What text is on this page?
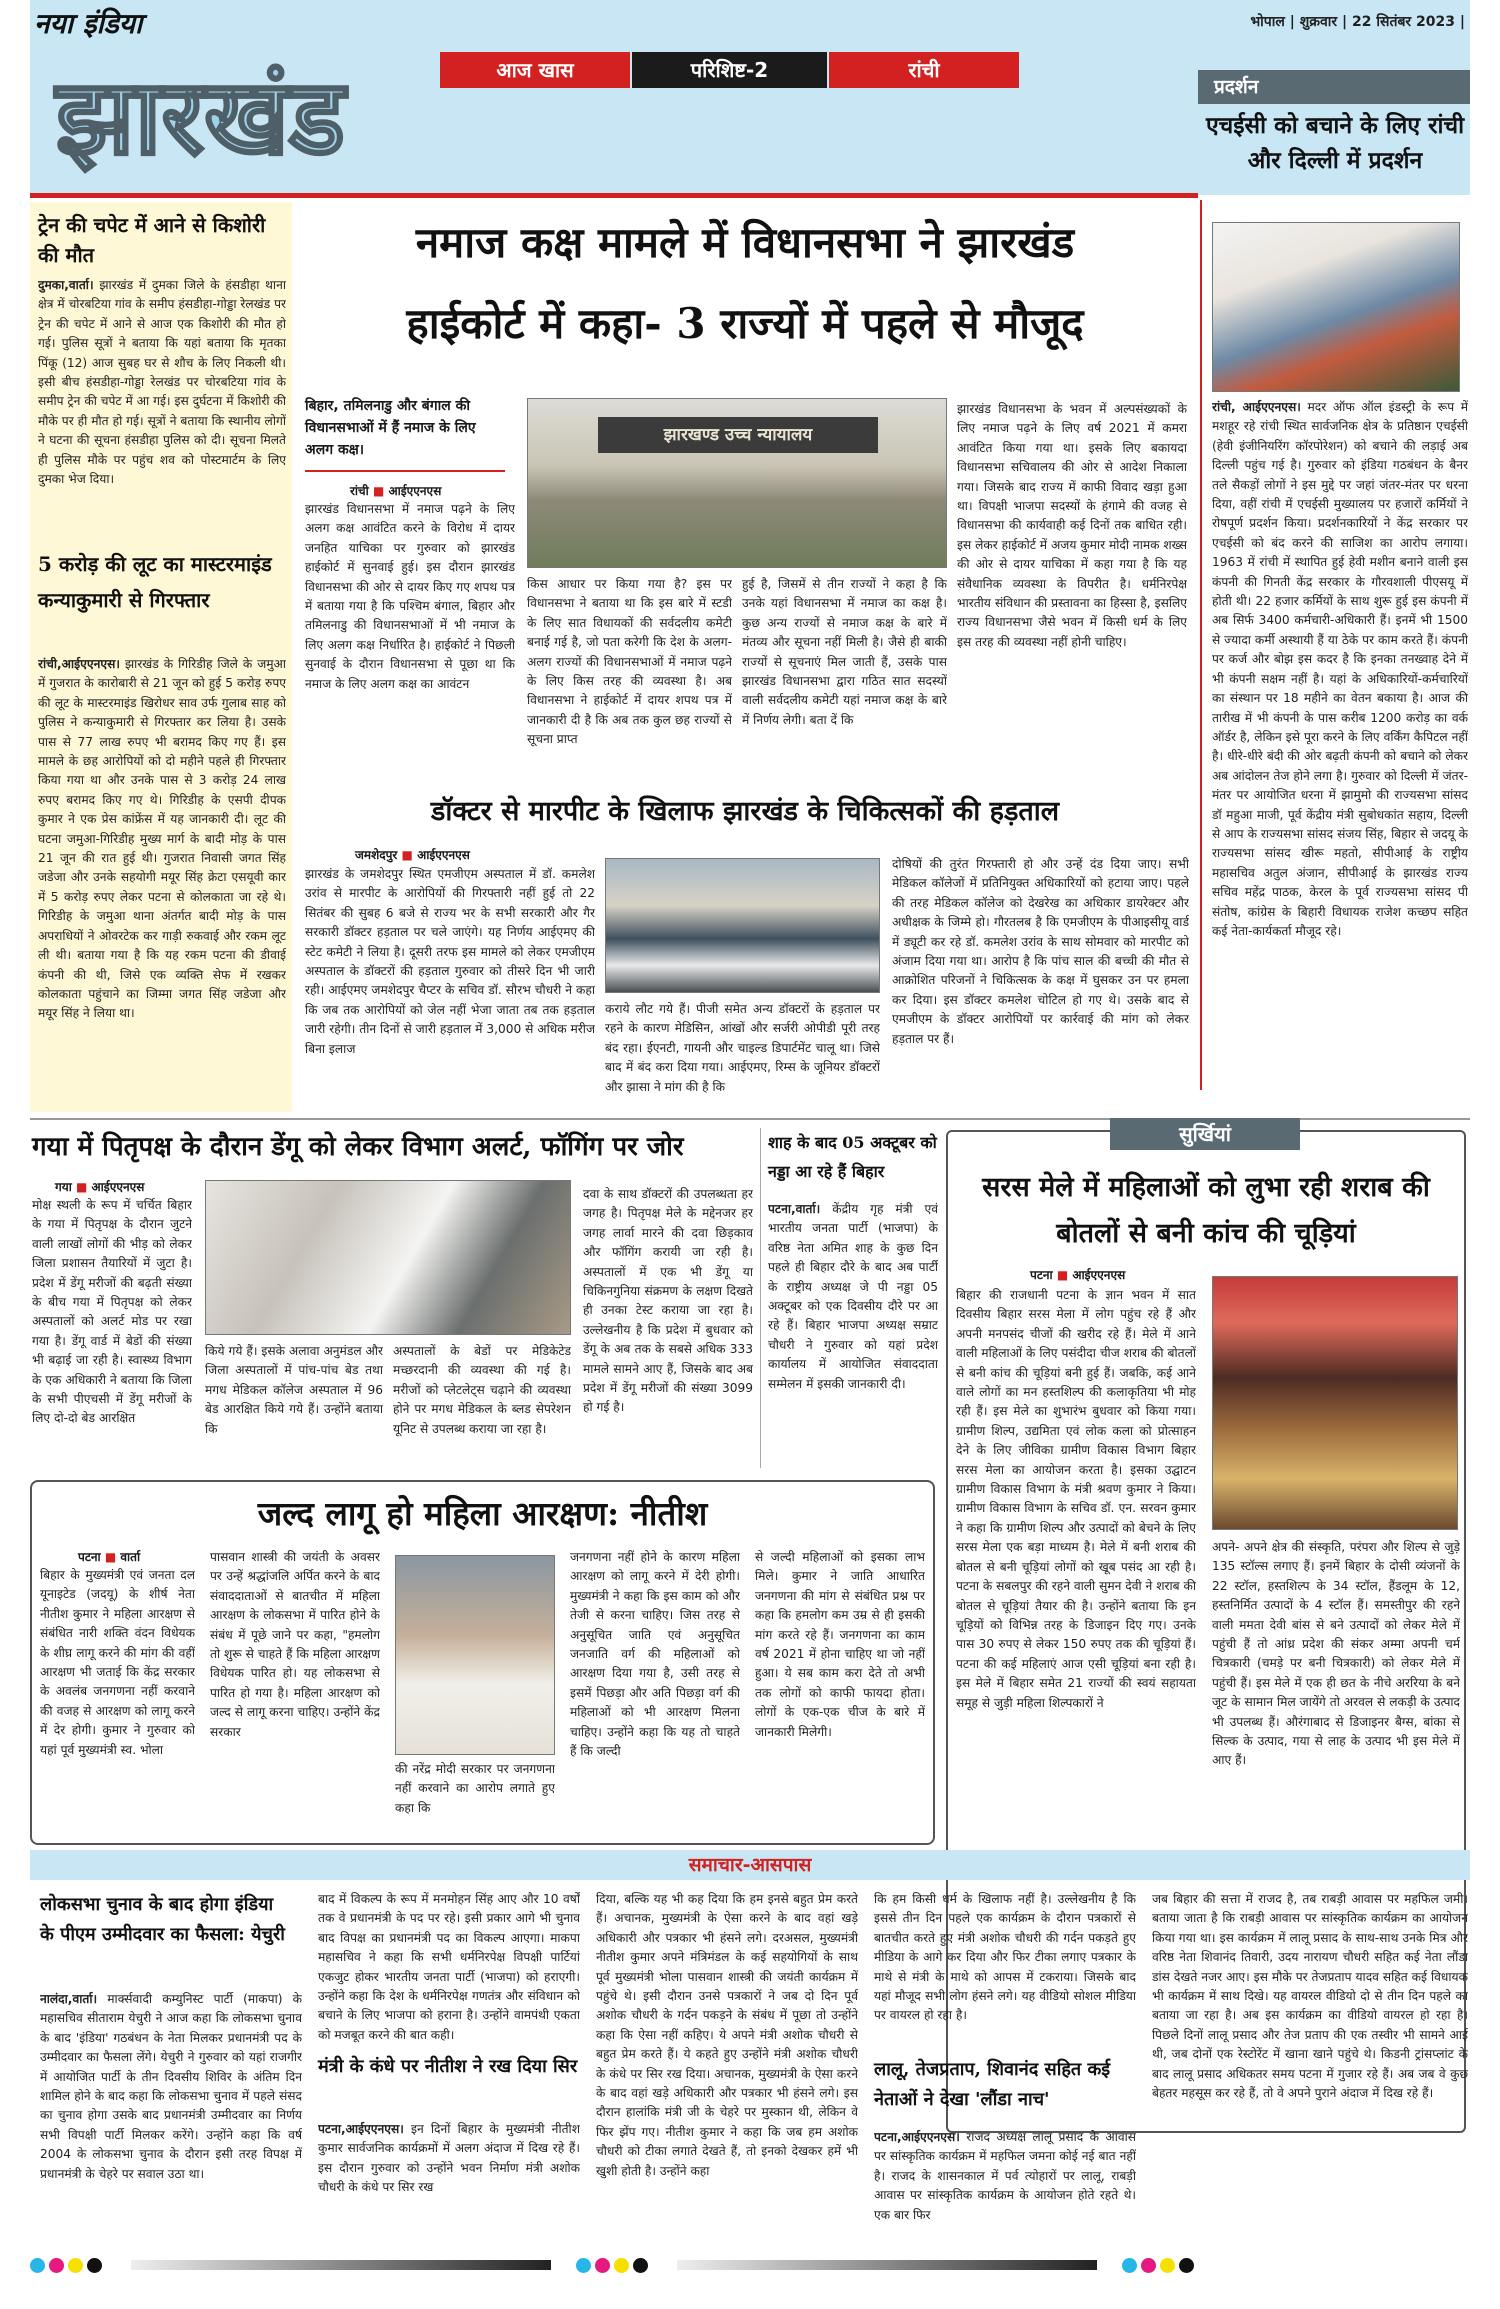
नया इंडिया
झारखंड	आज खास	परिशिष्ट-2	रांची
भोपाल | शुक्रवार | 22 सितंबर 2023 |
प्रदर्शन
एचईसी को बचाने के लिए रांची और दिल्ली में प्रदर्शन
रांची, आईएएनएस। मदर ऑफ ऑल इंडस्ट्री के रूप में मशहूर रहे रांची स्थित सार्वजनिक क्षेत्र के प्रतिष्ठान एचईसी (हेवी इंजीनियरिंग कॉरपोरेशन) को बचाने की लड़ाई अब दिल्ली पहुंच गई है। गुरुवार को इंडिया गठबंधन के बैनर तले सैकड़ों लोगों ने इस मुद्दे पर जहां जंतर-मंतर पर धरना दिया, वहीं रांची में एचईसी मुख्यालय पर हजारों कर्मियों ने रोषपूर्ण प्रदर्शन किया। प्रदर्शनकारियों ने केंद्र सरकार पर एचईसी को बंद करने की साजिश का आरोप लगाया। 1963 में रांची में स्थापित हुई हेवी मशीन बनाने वाली इस कंपनी की गिनती केंद्र सरकार के गौरवशाली पीएसयू में होती थी। 22 हजार कर्मियों के साथ शुरू हुई इस कंपनी में अब सिर्फ 3400 कर्मचारी-अधिकारी हैं। इनमें भी 1500 से ज्यादा कर्मी अस्थायी हैं या ठेके पर काम करते हैं। कंपनी पर कर्ज और बोझ इस कदर है कि इनका तनख्वाह देने में भी कंपनी सक्षम नहीं है। यहां के अधिकारियों-कर्मचारियों का संस्थान पर 18 महीने का वेतन बकाया है। आज की तारीख में भी कंपनी के पास करीब 1200 करोड़ का वर्क ऑर्डर है, लेकिन इसे पूरा करने के लिए वर्किंग कैपिटल नहीं है। धीरे-धीरे बंदी की ओर बढ़ती कंपनी को बचाने को लेकर अब आंदोलन तेज होने लगा है। गुरुवार को दिल्ली में जंतर-मंतर पर आयोजित धरना में झामुमो की राज्यसभा सांसद डॉ महुआ माजी, पूर्व केंद्रीय मंत्री सुबोधकांत सहाय, दिल्ली से आप के राज्यसभा सांसद संजय सिंह, बिहार से जदयू के राज्यसभा सांसद खीरू महतो, सीपीआई के राष्ट्रीय महासचिव अतुल अंजान, सीपीआई के झारखंड राज्य सचिव महेंद्र पाठक, केरल के पूर्व राज्यसभा सांसद पी संतोष, कांग्रेस के बिहारी विधायक राजेश कच्छप सहित कई नेता-कार्यकर्ता मौजूद रहे।
ट्रेन की चपेट में आने से किशोरी की मौत
दुमका,वार्ता। झारखंड में दुमका जिले के हंसडीहा थाना क्षेत्र में चोरबटिया गांव के समीप हंसडीहा-गोड्डा रेलखंड पर ट्रेन की चपेट में आने से आज एक किशोरी की मौत हो गई। पुलिस सूत्रों ने बताया कि यहां बताया कि मृतका पिंकू (12) आज सुबह घर से शौच के लिए निकली थी। इसी बीच हंसडीहा-गोड्डा रेलखंड पर चोरबटिया गांव के समीप ट्रेन की चपेट में आ गई। इस दुर्घटना में किशोरी की मौके पर ही मौत हो गई। सूत्रों ने बताया कि स्थानीय लोगों ने घटना की सूचना हंसडीहा पुलिस को दी। सूचना मिलते ही पुलिस मौके पर पहुंच शव को पोस्टमार्टम के लिए दुमका भेज दिया।
5 करोड़ की लूट का मास्टरमाइंड कन्याकुमारी से गिरफ्तार
रांची,आईएएनएस। झारखंड के गिरिडीह जिले के जमुआ में गुजरात के कारोबारी से 21 जून को हुई 5 करोड़ रुपए की लूट के मास्टरमाइंड खिरोधर साव उर्फ गुलाब साह को पुलिस ने कन्याकुमारी से गिरफ्तार कर लिया है। उसके पास से 77 लाख रुपए भी बरामद किए गए हैं। इस मामले के छह आरोपियों को दो महीने पहले ही गिरफ्तार किया गया था और उनके पास से 3 करोड़ 24 लाख रुपए बरामद किए गए थे। गिरिडीह के एसपी दीपक कुमार ने एक प्रेस कांफ्रेंस में यह जानकारी दी। लूट की घटना जमुआ-गिरिडीह मुख्य मार्ग के बादी मोड़ के पास 21 जून की रात हुई थी। गुजरात निवासी जगत सिंह जडेजा और उनके सहयोगी मयूर सिंह क्रेटा एसयूवी कार में 5 करोड़ रुपए लेकर पटना से कोलकाता जा रहे थे। गिरिडीह के जमुआ थाना अंतर्गत बादी मोड़ के पास अपराधियों ने ओवरटेक कर गाड़ी रुकवाई और रकम लूट ली थी। बताया गया है कि यह रकम पटना की डीवाई कंपनी की थी, जिसे एक व्यक्ति सेफ में रखकर कोलकाता पहुंचाने का जिम्मा जगत सिंह जडेजा और मयूर सिंह ने लिया था।
नमाज कक्ष मामले में विधानसभा ने झारखंड
हाईकोर्ट में कहा- 3 राज्यों में पहले से मौजूद
बिहार, तमिलनाडु और बंगाल की विधानसभाओं में हैं नमाज के लिए अलग कक्ष।
रांची ■ आईएएनएस
झारखंड विधानसभा में नमाज पढ़ने के लिए अलग कक्ष आवंटित करने के विरोध में दायर जनहित याचिका पर गुरुवार को झारखंड हाईकोर्ट में सुनवाई हुई। इस दौरान झारखंड विधानसभा की ओर से दायर किए गए शपथ पत्र में बताया गया है कि पश्चिम बंगाल, बिहार और तमिलनाडु की विधानसभाओं में भी नमाज के लिए अलग कक्ष निर्धारित है। हाईकोर्ट ने पिछली सुनवाई के दौरान विधानसभा से पूछा था कि नमाज के लिए अलग कक्ष का आवंटन
झारखण्ड उच्च न्यायालय
किस आधार पर किया गया है? इस पर विधानसभा ने बताया था कि इस बारे में स्टडी के लिए सात विधायकों की सर्वदलीय कमेटी बनाई गई है, जो पता करेगी कि देश के अलग-अलग राज्यों की विधानसभाओं में नमाज पढ़ने के लिए किस तरह की व्यवस्था है। अब विधानसभा ने हाईकोर्ट में दायर शपथ पत्र में जानकारी दी है कि अब तक कुल छह राज्यों से सूचना प्राप्त
हुई है, जिसमें से तीन राज्यों ने कहा है कि उनके यहां विधानसभा में नमाज का कक्ष है। कुछ अन्य राज्यों से नमाज कक्ष के बारे में मंतव्य और सूचना नहीं मिली है। जैसे ही बाकी राज्यों से सूचनाएं मिल जाती हैं, उसके पास झारखंड विधानसभा द्वारा गठित सात सदस्यों वाली सर्वदलीय कमेटी यहां नमाज कक्ष के बारे में निर्णय लेगी। बता दें कि
झारखंड विधानसभा के भवन में अल्पसंख्यकों के लिए नमाज पढ़ने के लिए वर्ष 2021 में कमरा आवंटित किया गया था। इसके लिए बकायदा विधानसभा सचिवालय की ओर से आदेश निकाला गया। जिसके बाद राज्य में काफी विवाद खड़ा हुआ था। विपक्षी भाजपा सदस्यों के हंगामे की वजह से विधानसभा की कार्यवाही कई दिनों तक बाधित रही। इस लेकर हाईकोर्ट में अजय कुमार मोदी नामक शख्स की ओर से दायर याचिका में कहा गया है कि यह संवैधानिक व्यवस्था के विपरीत है। धर्मनिरपेक्ष भारतीय संविधान की प्रस्तावना का हिस्सा है, इसलिए राज्य विधानसभा जैसे भवन में किसी धर्म के लिए इस तरह की व्यवस्था नहीं होनी चाहिए।
डॉक्टर से मारपीट के खिलाफ झारखंड के चिकित्सकों की हड़ताल
जमशेदपुर ■ आईएएनएस
झारखंड के जमशेदपुर स्थित एमजीएम अस्पताल में डॉ. कमलेश उरांव से मारपीट के आरोपियों की गिरफ्तारी नहीं हुई तो 22 सितंबर की सुबह 6 बजे से राज्य भर के सभी सरकारी और गैर सरकारी डॉक्टर हड़ताल पर चले जाएंगे। यह निर्णय आईएमए की स्टेट कमेटी ने लिया है। दूसरी तरफ इस मामले को लेकर एमजीएम अस्पताल के डॉक्टरों की हड़ताल गुरुवार को तीसरे दिन भी जारी रही। आईएमए जमशेदपुर चैप्टर के सचिव डॉ. सौरभ चौधरी ने कहा कि जब तक आरोपियों को जेल नहीं भेजा जाता तब तक हड़ताल जारी रहेगी। तीन दिनों से जारी हड़ताल में 3,000 से अधिक मरीज बिना इलाज
कराये लौट गये हैं। पीजी समेत अन्य डॉक्टरों के हड़ताल पर रहने के कारण मेडिसिन, आंखों और सर्जरी ओपीडी पूरी तरह बंद रहा। ईएनटी, गायनी और चाइल्ड डिपार्टमेंट चालू था। जिसे बाद में बंद करा दिया गया। आईएमए, रिम्स के जूनियर डॉक्टरों और झासा ने मांग की है कि
दोषियों की तुरंत गिरफ्तारी हो और उन्हें दंड दिया जाए। सभी मेडिकल कॉलेजों में प्रतिनियुक्त अधिकारियों को हटाया जाए। पहले की तरह मेडिकल कॉलेज को देखरेख का अधिकार डायरेक्टर और अधीक्षक के जिम्मे हो। गौरतलब है कि एमजीएम के पीआइसीयू वार्ड में ड्यूटी कर रहे डॉ. कमलेश उरांव के साथ सोमवार को मारपीट को अंजाम दिया गया था। आरोप है कि पांच साल की बच्ची की मौत से आक्रोशित परिजनों ने चिकित्सक के कक्ष में घुसकर उन पर हमला कर दिया। इस डॉक्टर कमलेश चोटिल हो गए थे। उसके बाद से एमजीएम के डॉक्टर आरोपियों पर कार्रवाई की मांग को लेकर हड़ताल पर हैं।
गया में पितृपक्ष के दौरान डेंगू को लेकर विभाग अलर्ट, फॉगिंग पर जोर
गया ■ आईएएनएस
मोक्ष स्थली के रूप में चर्चित बिहार के गया में पितृपक्ष के दौरान जुटने वाली लाखों लोगों की भीड़ को लेकर जिला प्रशासन तैयारियों में जुटा है। प्रदेश में डेंगू मरीजों की बढ़ती संख्या के बीच गया में पितृपक्ष को लेकर अस्पतालों को अलर्ट मोड पर रखा गया है। डेंगू वार्ड में बेडों की संख्या भी बढ़ाई जा रही है। स्वास्थ्य विभाग के एक अधिकारी ने बताया कि जिला के सभी पीएचसी में डेंगू मरीजों के लिए दो-दो बेड आरक्षित
किये गये हैं। इसके अलावा अनुमंडल और जिला अस्पतालों में पांच-पांच बेड तथा मगध मेडिकल कॉलेज अस्पताल में 96 बेड आरक्षित किये गये हैं। उन्होंने बताया कि
अस्पतालों के बेडों पर मेडिकेटेड मच्छरदानी की व्यवस्था की गई है। मरीजों को प्लेटलेट्स चढ़ाने की व्यवस्था होने पर मगध मेडिकल के ब्लड सेपरेशन यूनिट से उपलब्ध कराया जा रहा है।
दवा के साथ डॉक्टरों की उपलब्धता हर जगह है। पितृपक्ष मेले के मद्देनजर हर जगह लार्वा मारने की दवा छिड़काव और फॉगिंग करायी जा रही है। अस्पतालों में एक भी डेंगू या चिकिनगुनिया संक्रमण के लक्षण दिखते ही उनका टेस्ट कराया जा रहा है। उल्लेखनीय है कि प्रदेश में बुधवार को डेंगू के अब तक के सबसे अधिक 333 मामले सामने आए हैं, जिसके बाद अब प्रदेश में डेंगू मरीजों की संख्या 3099 हो गई है।
शाह के बाद 05 अक्टूबर को नड्डा आ रहे हैं बिहार
पटना,वार्ता। केंद्रीय गृह मंत्री एवं भारतीय जनता पार्टी (भाजपा) के वरिष्ठ नेता अमित शाह के कुछ दिन पहले ही बिहार दौरे के बाद अब पार्टी के राष्ट्रीय अध्यक्ष जे पी नड्डा 05 अक्टूबर को एक दिवसीय दौरे पर आ रहे हैं। बिहार भाजपा अध्यक्ष सम्राट चौधरी ने गुरुवार को यहां प्रदेश कार्यालय में आयोजित संवाददाता सम्मेलन में इसकी जानकारी दी।
सुर्खियां
सरस मेले में महिलाओं को लुभा रही शराब की बोतलों से बनी कांच की चूड़ियां
पटना ■ आईएएनएस
बिहार की राजधानी पटना के ज्ञान भवन में सात दिवसीय बिहार सरस मेला में लोग पहुंच रहे हैं और अपनी मनपसंद चीजों की खरीद रहे हैं। मेले में आने वाली महिलाओं के लिए पसंदीदा चीज शराब की बोतलों से बनी कांच की चूड़ियां बनी हुई हैं। जबकि, कई आने वाले लोगों का मन हस्तशिल्प की कलाकृतिया भी मोह रही हैं। इस मेले का शुभारंभ बुधवार को किया गया। ग्रामीण शिल्प, उद्यमिता एवं लोक कला को प्रोत्साहन देने के लिए जीविका ग्रामीण विकास विभाग बिहार सरस मेला का आयोजन करता है। इसका उद्घाटन ग्रामीण विकास विभाग के मंत्री श्रवण कुमार ने किया। ग्रामीण विकास विभाग के सचिव डॉ. एन. सरवन कुमार ने कहा कि ग्रामीण शिल्प और उत्पादों को बेचने के लिए सरस मेला एक बड़ा माध्यम है। मेले में बनी शराब की बोतल से बनी चूड़ियां लोगों को खूब पसंद आ रही है। पटना के सबलपुर की रहने वाली सुमन देवी ने शराब की बोतल से चूड़ियां तैयार की है। उन्होंने बताया कि इन चूड़ियों को विभिन्न तरह के डिजाइन दिए गए। उनके पास 30 रुपए से लेकर 150 रुपए तक की चूड़ियां हैं। पटना की कई महिलाएं आज एसी चूड़ियां बना रही है। इस मेले में बिहार समेत 21 राज्यों की स्वयं सहायता समूह से जुड़ी महिला शिल्पकारों ने
अपने- अपने क्षेत्र की संस्कृति, परंपरा और शिल्प से जुड़े 135 स्टॉल्स लगाए हैं। इनमें बिहार के दोसी व्यंजनों के 22 स्टॉल, हस्तशिल्प के 34 स्टॉल, हैंडलूम के 12, हस्तनिर्मित उत्पादों के 4 स्टॉल हैं। समस्तीपुर की रहने वाली ममता देवी बांस से बने उत्पादों को लेकर मेले में पहुंची हैं तो आंध्र प्रदेश की संकर अम्मा अपनी चर्म चित्रकारी (चमड़े पर बनी चित्रकारी) को लेकर मेले में पहुंची हैं। इस मेले में एक ही छत के नीचे अररिया के बने जूट के सामान मिल जायेंगे तो अरवल से लकड़ी के उत्पाद भी उपलब्ध हैं। औरंगाबाद से डिजाइनर बैग्स, बांका से सिल्क के उत्पाद, गया से लाह के उत्पाद भी इस मेले में आए हैं।
जल्द लागू हो महिला आरक्षण: नीतीश
पटना ■ वार्ता
बिहार के मुख्यमंत्री एवं जनता दल यूनाइटेड (जदयू) के शीर्ष नेता नीतीश कुमार ने महिला आरक्षण से संबंधित नारी शक्ति वंदन विधेयक के शीघ्र लागू करने की मांग की वहीं आरक्षण भी जताई कि केंद्र सरकार के अवलंब जनगणना नहीं करवाने की वजह से आरक्षण को लागू करने में देर होगी। कुमार ने गुरुवार को यहां पूर्व मुख्यमंत्री स्व. भोला
पासवान शास्त्री की जयंती के अवसर पर उन्हें श्रद्धांजलि अर्पित करने के बाद संवाददाताओं से बातचीत में महिला आरक्षण के लोकसभा में पारित होने के संबंध में पूछे जाने पर कहा, "हमलोग तो शुरू से चाहते हैं कि महिला आरक्षण विधेयक पारित हो। यह लोकसभा से पारित हो गया है। महिला आरक्षण को जल्द से लागू करना चाहिए। उन्होंने केंद्र सरकार
की नरेंद्र मोदी सरकार पर जनगणना नहीं करवाने का आरोप लगाते हुए कहा कि
जनगणना नहीं होने के कारण महिला आरक्षण को लागू करने में देरी होगी। मुख्यमंत्री ने कहा कि इस काम को और तेजी से करना चाहिए। जिस तरह से अनुसूचित जाति एवं अनुसूचित जनजाति वर्ग की महिलाओं को आरक्षण दिया गया है, उसी तरह से इसमें पिछड़ा और अति पिछड़ा वर्ग की महिलाओं को भी आरक्षण मिलना चाहिए। उन्होंने कहा कि यह तो चाहते हैं कि जल्दी
से जल्दी महिलाओं को इसका लाभ मिले। कुमार ने जाति आधारित जनगणना की मांग से संबंधित प्रश्न पर कहा कि हमलोग कम उम्र से ही इसकी मांग करते रहे हैं। जनगणना का काम वर्ष 2021 में होना चाहिए था जो नहीं हुआ। ये सब काम करा देते तो अभी तक लोगों को काफी फायदा होता। लोगों के एक-एक चीज के बारे में जानकारी मिलेगी।
समाचार-आसपास
लोकसभा चुनाव के बाद होगा इंडिया के पीएम उम्मीदवार का फैसला: येचुरी
नालंदा,वार्ता। मार्क्सवादी कम्युनिस्ट पार्टी (माकपा) के महासचिव सीताराम येचुरी ने आज कहा कि लोकसभा चुनाव के बाद 'इंडिया' गठबंधन के नेता मिलकर प्रधानमंत्री पद के उम्मीदवार का फैसला लेंगे। येचुरी ने गुरुवार को यहां राजगीर में आयोजित पार्टी के तीन दिवसीय शिविर के अंतिम दिन शामिल होने के बाद कहा कि लोकसभा चुनाव में पहले संसद का चुनाव होगा उसके बाद प्रधानमंत्री उम्मीदवार का निर्णय सभी विपक्षी पार्टी मिलकर करेंगे। उन्होंने कहा कि वर्ष 2004 के लोकसभा चुनाव के दौरान इसी तरह विपक्ष में प्रधानमंत्री के चेहरे पर सवाल उठा था।
बाद में विकल्प के रूप में मनमोहन सिंह आए और 10 वर्षों तक वे प्रधानमंत्री के पद पर रहे। इसी प्रकार आगे भी चुनाव बाद विपक्ष का प्रधानमंत्री पद का विकल्प आएगा। माकपा महासचिव ने कहा कि सभी धर्मनिरपेक्ष विपक्षी पार्टियां एकजुट होकर भारतीय जनता पार्टी (भाजपा) को हराएगी। उन्होंने कहा कि देश के धर्मनिरपेक्ष गणतंत्र और संविधान को बचाने के लिए भाजपा को हराना है। उन्होंने वामपंथी एकता को मजबूत करने की बात कही।
मंत्री के कंधे पर नीतीश ने रख दिया सिर
पटना,आईएएनएस। इन दिनों बिहार के मुख्यमंत्री नीतीश कुमार सार्वजनिक कार्यक्रमों में अलग अंदाज में दिख रहे हैं। इस दौरान गुरुवार को उन्होंने भवन निर्माण मंत्री अशोक चौधरी के कंधे पर सिर रख
दिया, बल्कि यह भी कह दिया कि हम इनसे बहुत प्रेम करते हैं। अचानक, मुख्यमंत्री के ऐसा करने के बाद वहां खड़े अधिकारी और पत्रकार भी हंसने लगे। दरअसल, मुख्यमंत्री नीतीश कुमार अपने मंत्रिमंडल के कई सहयोगियों के साथ पूर्व मुख्यमंत्री भोला पासवान शास्त्री की जयंती कार्यक्रम में पहुंचे थे। इसी दौरान उनसे पत्रकारों ने जब दो दिन पूर्व अशोक चौधरी के गर्दन पकड़ने के संबंध में पूछा तो उन्होंने कहा कि ऐसा नहीं कहिए। ये अपने मंत्री अशोक चौधरी से बहुत प्रेम करते हैं। ये कहते हुए उन्होंने मंत्री अशोक चौधरी के कंधे पर सिर रख दिया। अचानक, मुख्यमंत्री के ऐसा करने के बाद वहां खड़े अधिकारी और पत्रकार भी हंसने लगे। इस दौरान हालांकि मंत्री जी के चेहरे पर मुस्कान थी, लेकिन वे फिर झेंप गए। नीतीश कुमार ने कहा कि जब हम अशोक चौधरी को टीका लगाते देखते हैं, तो इनको देखकर हमें भी खुशी होती है। उन्होंने कहा
कि हम किसी धर्म के खिलाफ नहीं है। उल्लेखनीय है कि इससे तीन दिन पहले एक कार्यक्रम के दौरान पत्रकारों से बातचीत करते हुए मंत्री अशोक चौधरी की गर्दन पकड़ते हुए मीडिया के आगे कर दिया और फिर टीका लगाए पत्रकार के माथे से मंत्री के माथे को आपस में टकराया। जिसके बाद यहां मौजूद सभी लोग हंसने लगे। यह वीडियो सोशल मीडिया पर वायरल हो रहा है।
लालू, तेजप्रताप, शिवानंद सहित कई नेताओं ने देखा 'लौंडा नाच'
पटना,आईएएनएस। राजद अध्यक्ष लालू प्रसाद के आवास पर सांस्कृतिक कार्यक्रम में महफिल जमना कोई नई बात नहीं है। राजद के शासनकाल में पर्व त्योहारों पर लालू, राबड़ी आवास पर सांस्कृतिक कार्यक्रम के आयोजन होते रहते थे। एक बार फिर
जब बिहार की सत्ता में राजद है, तब राबड़ी आवास पर महफिल जमी। बताया जाता है कि राबड़ी आवास पर सांस्कृतिक कार्यक्रम का आयोजन किया गया था। इस कार्यक्रम में लालू प्रसाद के साथ-साथ उनके मित्र और वरिष्ठ नेता शिवानंद तिवारी, उदय नारायण चौधरी सहित कई नेता लौंडा डांस देखते नजर आए। इस मौके पर तेजप्रताप यादव सहित कई विधायक भी कार्यक्रम में साथ दिखे। यह वायरल वीडियो दो से तीन दिन पहले का बताया जा रहा है। अब इस कार्यक्रम का वीडियो वायरल हो रहा है। पिछले दिनों लालू प्रसाद और तेज प्रताप की एक तस्वीर भी सामने आई थी, जब दोनों एक रेस्टोरेंट में खाना खाने पहुंचे थे। किडनी ट्रांसप्लांट के बाद लालू प्रसाद अधिकतर समय पटना में गुजार रहे हैं। अब जब वे कुछ बेहतर महसूस कर रहे हैं, तो वे अपने पुराने अंदाज में दिख रहे हैं।
